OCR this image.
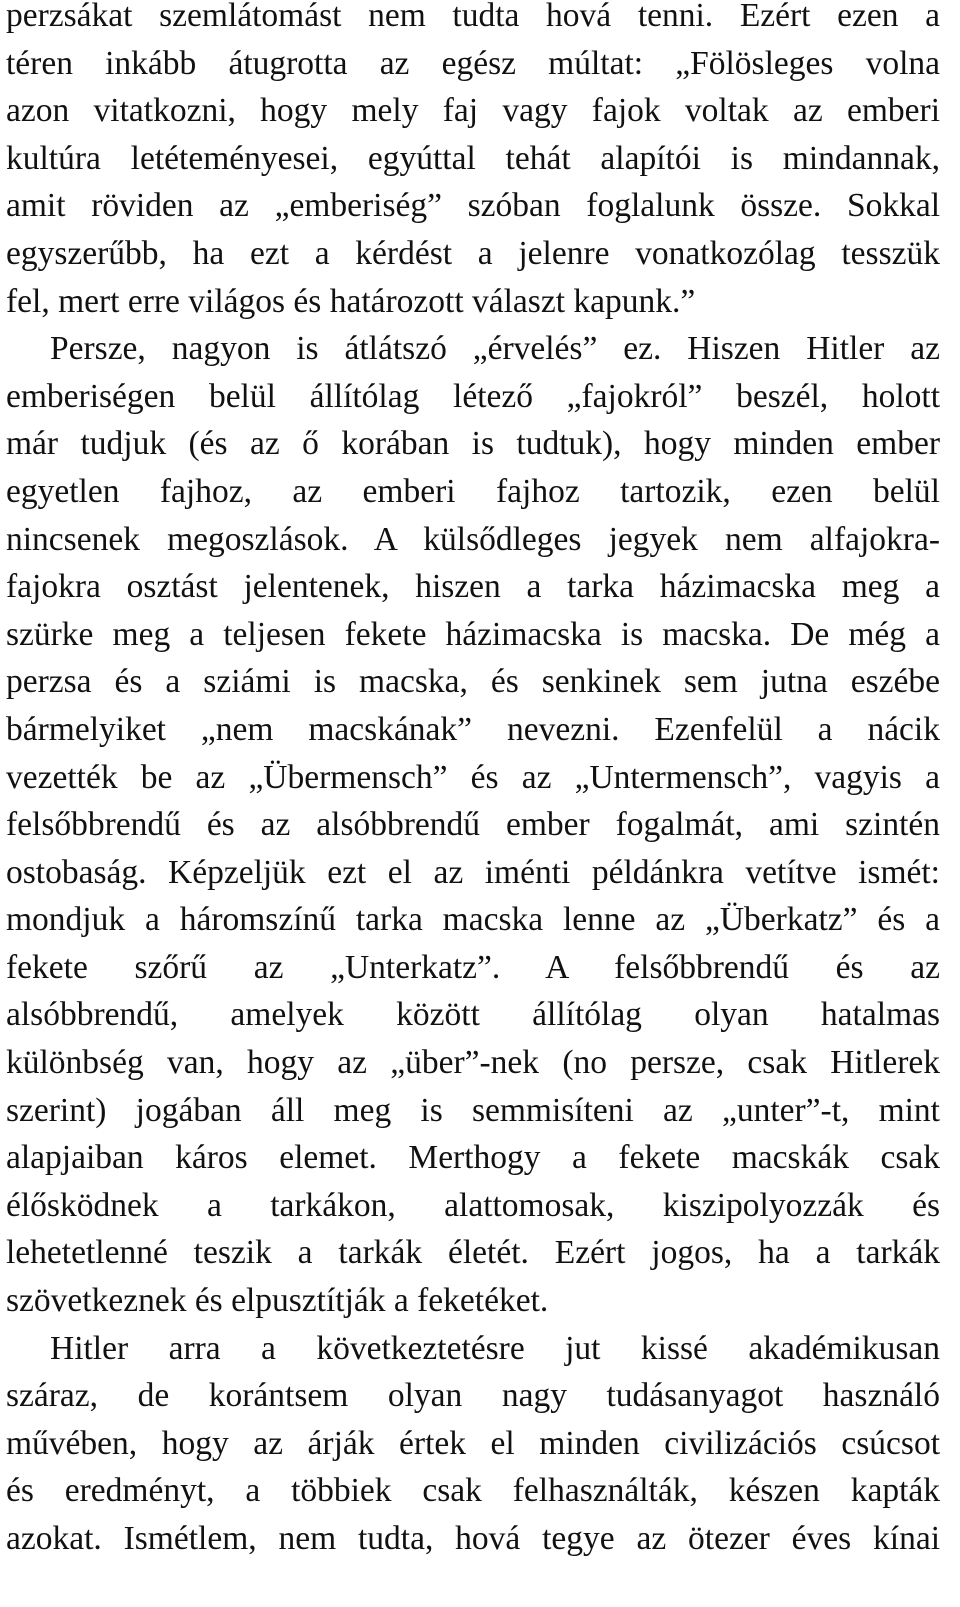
perzsákat szemlátomást nem tudta hová tenni. Ezért ezen a
téren inkább átugrotta az egész múltat: „Fölösleges volna
azon vitatkozni, hogy mely faj vagy fajok voltak az emberi
kultúra letéteményesei, egyúttal tehát alapítói is mindannak,
amit röviden az „emberiség” szóban foglalunk össze. Sokkal
egyszerűbb, ha ezt a kérdést a jelenre vonatkozólag tesszük
fel, mert erre világos és határozott választ kapunk.”
Persze, nagyon is átlátszó „érvelés” ez. Hiszen Hitler az
emberiségen belül állítólag létező „fajokról” beszél, holott
már tudjuk (és az ő korában is tudtuk), hogy minden ember
egyetlen fajhoz, az emberi fajhoz tartozik, ezen belül
nincsenek megoszlások. A külsődleges jegyek nem alfajokra-
fajokra osztást jelentenek, hiszen a tarka házimacska meg a
szürke meg a teljesen fekete házimacska is macska. De még a
perzsa és a sziámi is macska, és senkinek sem jutna eszébe
bármelyiket „nem macskának” nevezni. Ezenfelül a nácik
vezették be az „Übermensch” és az „Untermensch”, vagyis a
felsőbbrendű és az alsóbbrendű ember fogalmát, ami szintén
ostobaság. Képzeljük ezt el az iménti példánkra vetítve ismét:
mondjuk a háromszínű tarka macska lenne az „Überkatz” és a
fekete szőrű az „Unterkatz”. A felsőbbrendű és az
alsóbbrendű, amelyek között állítólag olyan hatalmas
különbség van, hogy az „über”-nek (no persze, csak Hitlerek
szerint) jogában áll meg is semmisíteni az „unter”-t, mint
alapjaiban káros elemet. Merthogy a fekete macskák csak
élősködnek a tarkákon, alattomosak, kiszipolyozzák és
lehetetlenné teszik a tarkák életét. Ezért jogos, ha a tarkák
szövetkeznek és elpusztítják a feketéket.
Hitler arra a következtetésre jut kissé akadémikusan
száraz, de korántsem olyan nagy tudásanyagot használó
művében, hogy az árják értek el minden civilizációs csúcsot
és eredményt, a többiek csak felhasználták, készen kapták
azokat. Ismétlem, nem tudta, hová tegye az ötezer éves kínai
